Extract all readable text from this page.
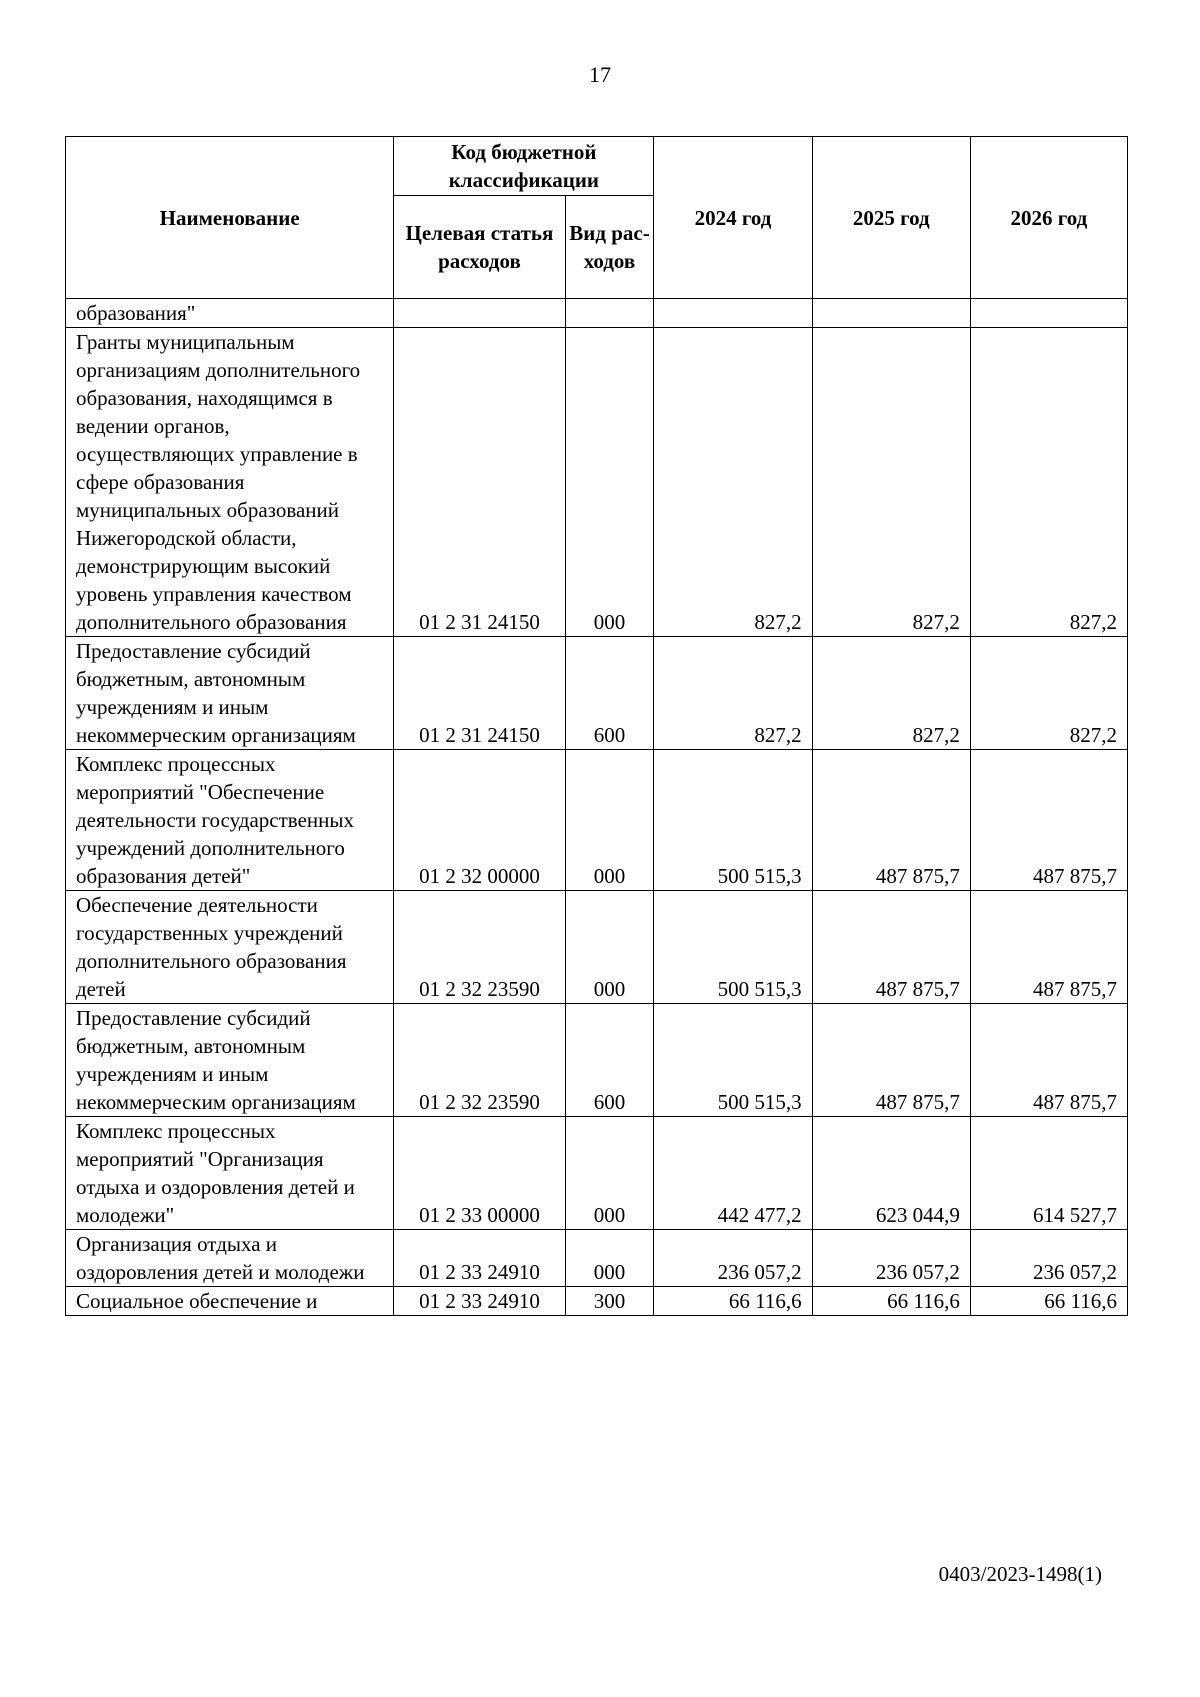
17
Наименование	Код бюджетной классификации		2024 год	2025 год	2026 год
	Целевая статья расходов	Вид рас-ходов			
образования"					
Гранты муниципальным организациям дополнительного образования, находящимся в ведении органов, осуществляющих управление в сфере образования муниципальных образований Нижегородской области, демонстрирующим высокий уровень управления качеством дополнительного образования	01 2 31 24150	000	827,2	827,2	827,2
Предоставление субсидий бюджетным, автономным учреждениям и иным некоммерческим организациям	01 2 31 24150	600	827,2	827,2	827,2
Комплекс процессных мероприятий "Обеспечение деятельности государственных учреждений дополнительного образования детей"	01 2 32 00000	000	500 515,3	487 875,7	487 875,7
Обеспечение деятельности государственных учреждений дополнительного образования детей	01 2 32 23590	000	500 515,3	487 875,7	487 875,7
Предоставление субсидий бюджетным, автономным учреждениям и иным некоммерческим организациям	01 2 32 23590	600	500 515,3	487 875,7	487 875,7
Комплекс процессных мероприятий "Организация отдыха и оздоровления детей и молодежи"	01 2 33 00000	000	442 477,2	623 044,9	614 527,7
Организация отдыха и оздоровления детей и молодежи	01 2 33 24910	000	236 057,2	236 057,2	236 057,2
Социальное обеспечение и	01 2 33 24910	300	66 116,6	66 116,6	66 116,6
0403/2023-1498(1)
